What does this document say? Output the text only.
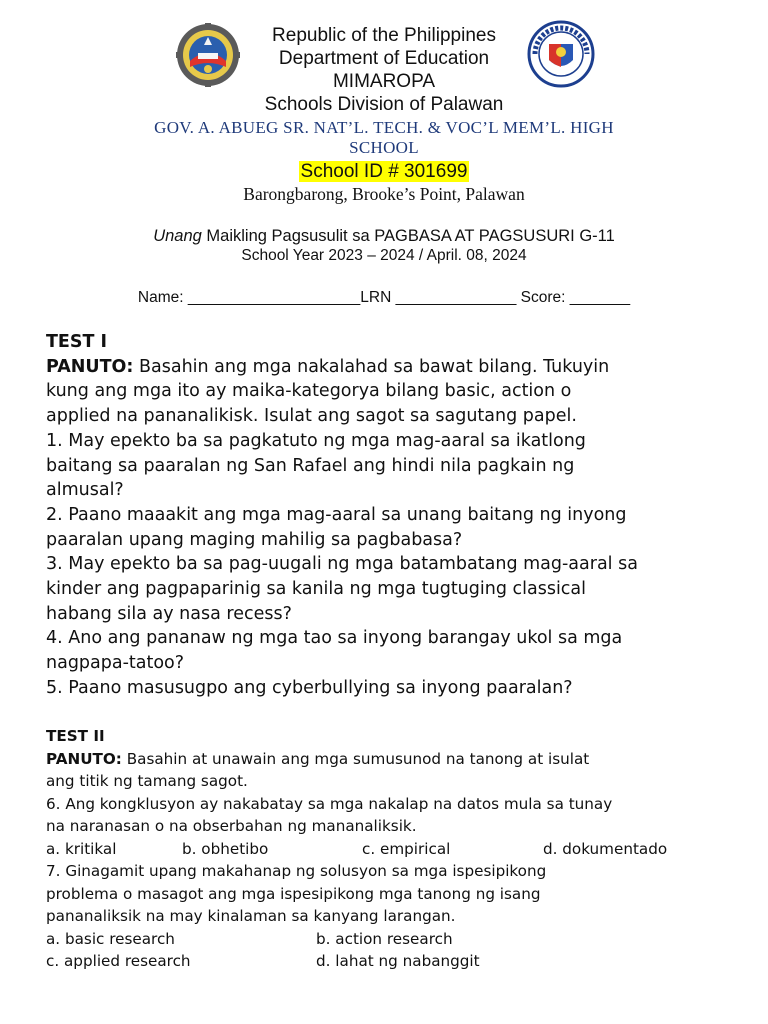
Republic of the Philippines
Department of Education
MIMAROPA
Schools Division of Palawan
GOV. A. ABUEG SR. NAT’L. TECH. & VOC’L MEM’L. HIGH
SCHOOL
School ID # 301699
Barongbarong, Brooke’s Point, Palawan
Unang Maikling Pagsusulit sa PAGBASA AT PAGSUSURI G-11
School Year 2023 – 2024 / April. 08, 2024
Name: ____________________LRN ______________ Score: _______
TEST I
PANUTO: Basahin ang mga nakalahad sa bawat bilang. Tukuyin
kung ang mga ito ay maika-kategorya bilang basic, action o
applied na pananalikisk. Isulat ang sagot sa sagutang papel.
1. May epekto ba sa pagkatuto ng mga mag-aaral sa ikatlong
baitang sa paaralan ng San Rafael ang hindi nila pagkain ng
almusal?
2. Paano maaakit ang mga mag-aaral sa unang baitang ng inyong
paaralan upang maging mahilig sa pagbabasa?
3. May epekto ba sa pag-uugali ng mga batambatang mag-aaral sa
kinder ang pagpaparinig sa kanila ng mga tugtuging classical
habang sila ay nasa recess?
4. Ano ang pananaw ng mga tao sa inyong barangay ukol sa mga
nagpapa-tatoo?
5. Paano masusugpo ang cyberbullying sa inyong paaralan?
TEST II
PANUTO: Basahin at unawain ang mga sumusunod na tanong at isulat
ang titik ng tamang sagot.
6. Ang kongklusyon ay nakabatay sa mga nakalap na datos mula sa tunay
na naranasan o na obserbahan ng mananaliksik.
a. kritikal	b. obhetibo	c. empirical	d. dokumentado
7. Ginagamit upang makahanap ng solusyon sa mga ispesipikong
problema o masagot ang mga ispesipikong mga tanong ng isang
pananaliksik na may kinalaman sa kanyang larangan.
a. basic research	b. action research
c. applied research	d. lahat ng nabanggit
